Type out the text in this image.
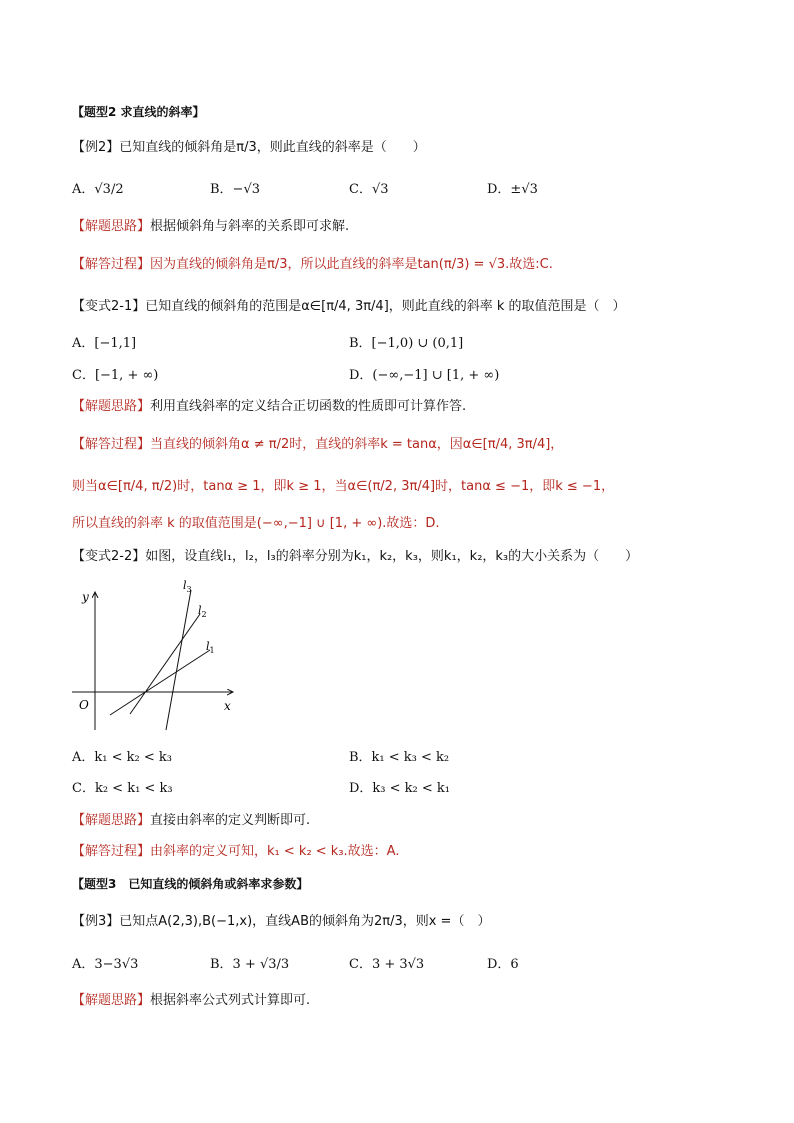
【题型2 求直线的斜率】
【例2】已知直线的倾斜角是π/3，则此直线的斜率是（　　）
A．√3/2	B．−√3	C．√3	D．±√3
【解题思路】根据倾斜角与斜率的关系即可求解.
【解答过程】因为直线的倾斜角是π/3，所以此直线的斜率是tan(π/3) = √3.故选:C.
【变式2-1】已知直线的倾斜角的范围是α∈[π/4, 3π/4]，则此直线的斜率 k 的取值范围是（　）
A．[−1,1]	B．[−1,0) ∪ (0,1]
C．[−1, + ∞)	D．(−∞,−1] ∪ [1, + ∞)
【解题思路】利用直线斜率的定义结合正切函数的性质即可计算作答.
【解答过程】当直线的倾斜角α ≠ π/2时，直线的斜率k = tanα，因α∈[π/4, 3π/4]，
则当α∈[π/4, π/2)时，tanα ≥ 1，即k ≥ 1，当α∈(π/2, 3π/4]时，tanα ≤ −1，即k ≤ −1，
所以直线的斜率 k 的取值范围是(−∞,−1] ∪ [1, + ∞).故选：D.
【变式2-2】如图，设直线l₁，l₂，l₃的斜率分别为k₁，k₂，k₃，则k₁，k₂，k₃的大小关系为（　　）
y
x
O
$l_3$
$l_2$
$l_1$
A．k₁ < k₂ < k₃	B．k₁ < k₃ < k₂
C．k₂ < k₁ < k₃	D．k₃ < k₂ < k₁
【解题思路】直接由斜率的定义判断即可.
【解答过程】由斜率的定义可知，k₁ < k₂ < k₃.故选：A.
【题型3　已知直线的倾斜角或斜率求参数】
【例3】已知点A(2,3),B(−1,x)，直线AB的倾斜角为2π/3，则x =（　）
A．3−3√3	B．3 + √3/3	C．3 + 3√3	D．6
【解题思路】根据斜率公式列式计算即可.
